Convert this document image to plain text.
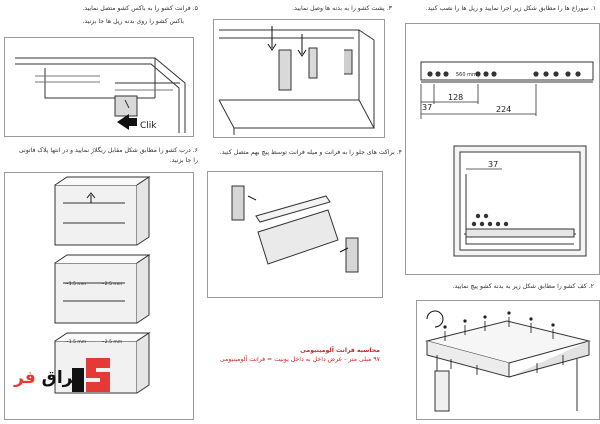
۵. فرانت کشو را به باکس کشو متصل نمایید.
باکس کشو را روی بدنه ریل ها جا بزنید.
۳. پشت کشو را به بدنه ها وصل نمایید.	۱. سوراخ ها را مطابق شکل زیر اجرا نمایید و ریل ها را نصب کنید.
۶. درب کشو را مطابق شکل مقابل ریگلاژ نمایید و در انتها پلاک فاتونی
را جا بزنید.
۴. براکت های جلو را به فرانت و میله فرانت توسط پیچ بهم متصل کنید.
۲. کف کشو را مطابق شکل زیر به بدنه کشو پیچ نمایید.
Clik
560 mm
37
128
224
37
~1.5 mm	~2.5 mm
~1.5 mm	~2.5 mm
محاسبه فرانت آلومینیومی
۹۷ میلی متر - عرض داخل به داخل یونیت = فرانت آلومینیومی
براق فر
